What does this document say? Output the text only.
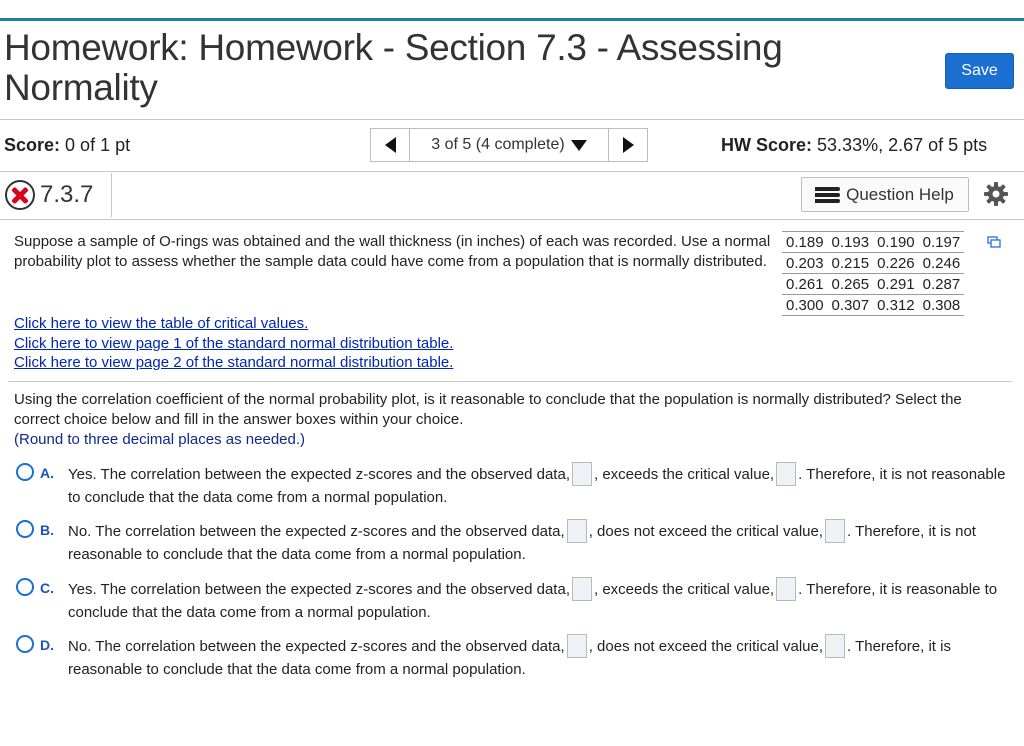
Homework: Homework - Section 7.3 - Assessing
Normality	Save
Score: 0 of 1 pt	3 of 5 (4 complete)	HW Score: 53.33%, 2.67 of 5 pts
7.3.7	Question Help
Suppose a sample of O-rings was obtained and the wall thickness (in inches) of each was recorded. Use a normal probability plot to assess whether the sample data could have come from a population that is normally distributed.
0.189	0.193	0.190	0.197
0.203	0.215	0.226	0.246
0.261	0.265	0.291	0.287
0.300	0.307	0.312	0.308
Click here to view the table of critical values.
Click here to view page 1 of the standard normal distribution table.
Click here to view page 2 of the standard normal distribution table.
Using the correlation coefficient of the normal probability plot, is it reasonable to conclude that the population is normally distributed? Select the correct choice below and fill in the answer boxes within your choice.
(Round to three decimal places as needed.)
A. Yes. The correlation between the expected z-scores and the observed data, , exceeds the critical value, . Therefore, it is not reasonable to conclude that the data come from a normal population.
B. No. The correlation between the expected z-scores and the observed data, , does not exceed the critical value, . Therefore, it is not reasonable to conclude that the data come from a normal population.
C. Yes. The correlation between the expected z-scores and the observed data, , exceeds the critical value, . Therefore, it is reasonable to conclude that the data come from a normal population.
D. No. The correlation between the expected z-scores and the observed data, , does not exceed the critical value, . Therefore, it is reasonable to conclude that the data come from a normal population.
